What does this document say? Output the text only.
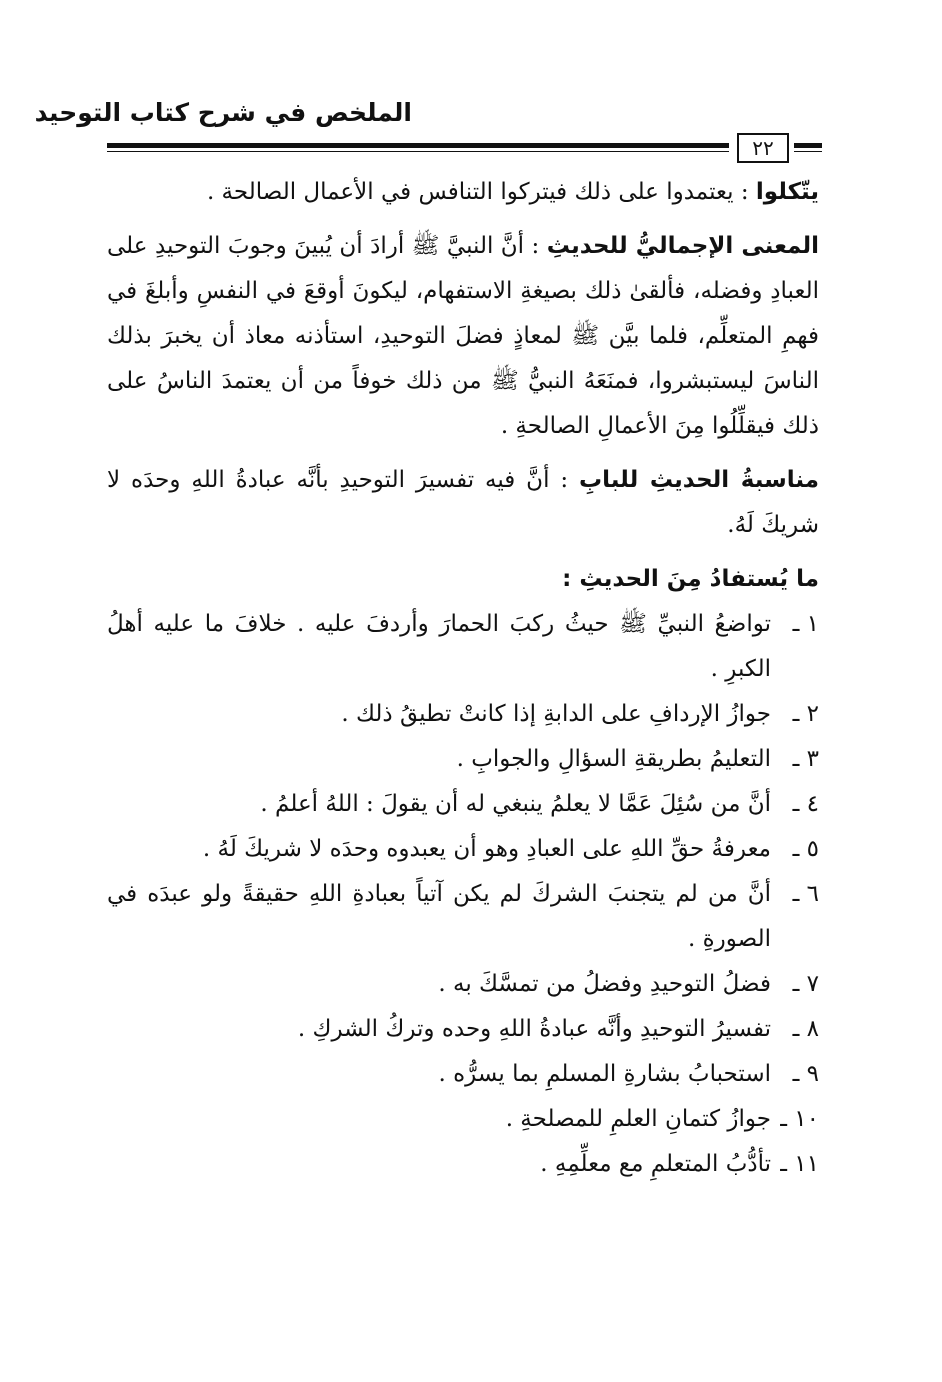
الملخص في شرح كتاب التوحيد
٢٢

يتّكلوا : يعتمدوا على ذلك فيتركوا التنافس في الأعمال الصالحة .

المعنى الإجماليُّ للحديثِ : أنَّ النبيَّ ﷺ أرادَ أن يُبينَ وجوبَ التوحيدِ على العبادِ وفضله، فألقىٰ ذلك بصيغةِ الاستفهام، ليكونَ أوقعَ في النفسِ وأبلغَ في فهمِ المتعلِّم، فلما بيَّن ﷺ لمعاذٍ فضلَ التوحيدِ، استأذنه معاذ أن يخبرَ بذلك الناسَ ليستبشروا، فمنَعَهُ النبيُّ ﷺ من ذلك خوفاً من أن يعتمدَ الناسُ على ذلك فيقلِّلُوا مِنَ الأعمالِ الصالحةِ .

مناسبةُ الحديثِ للبابِ : أنَّ فيه تفسيرَ التوحيدِ بأنَّه عبادةُ اللهِ وحدَه لا شريكَ لَهُ.

ما يُستفادُ مِنَ الحديثِ :

١ ـ
تواضعُ النبيِّ ﷺ حيثُ ركبَ الحمارَ وأردفَ عليه . خلافَ ما عليه أهلُ الكبرِ .
٢ ـ
جوازُ الإردافِ على الدابةِ إذا كانتْ تطيقُ ذلك .
٣ ـ
التعليمُ بطريقةِ السؤالِ والجوابِ .
٤ ـ
أنَّ من سُئِلَ عَمَّا لا يعلمُ ينبغي له أن يقولَ : اللهُ أعلمُ .
٥ ـ
معرفةُ حقِّ اللهِ على العبادِ وهو أن يعبدوه وحدَه لا شريكَ لَهُ .
٦ ـ
أنَّ من لم يتجنبَ الشركَ لم يكن آتياً بعبادةِ اللهِ حقيقةً ولو عبدَه في الصورةِ .
٧ ـ
فضلُ التوحيدِ وفضلُ من تمسَّكَ به .
٨ ـ
تفسيرُ التوحيدِ وأنَّه عبادةُ اللهِ وحده وتركُ الشركِ .
٩ ـ
استحبابُ بشارةِ المسلمِ بما يسرُّه .
١٠ ـ
جوازُ كتمانِ العلمِ للمصلحةِ .
١١ ـ
تأدُّبُ المتعلمِ مع معلِّمِهِ .
